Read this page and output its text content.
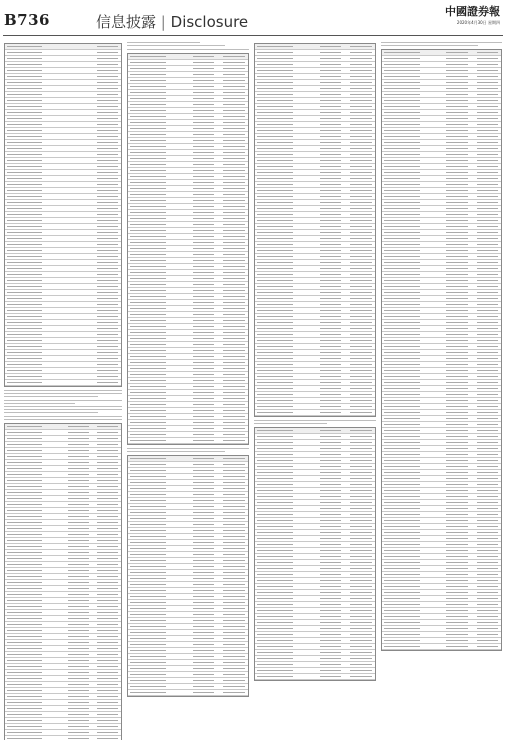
B736	信息披露 | Disclosure
中國證券報
2020年4月30日 星期四
